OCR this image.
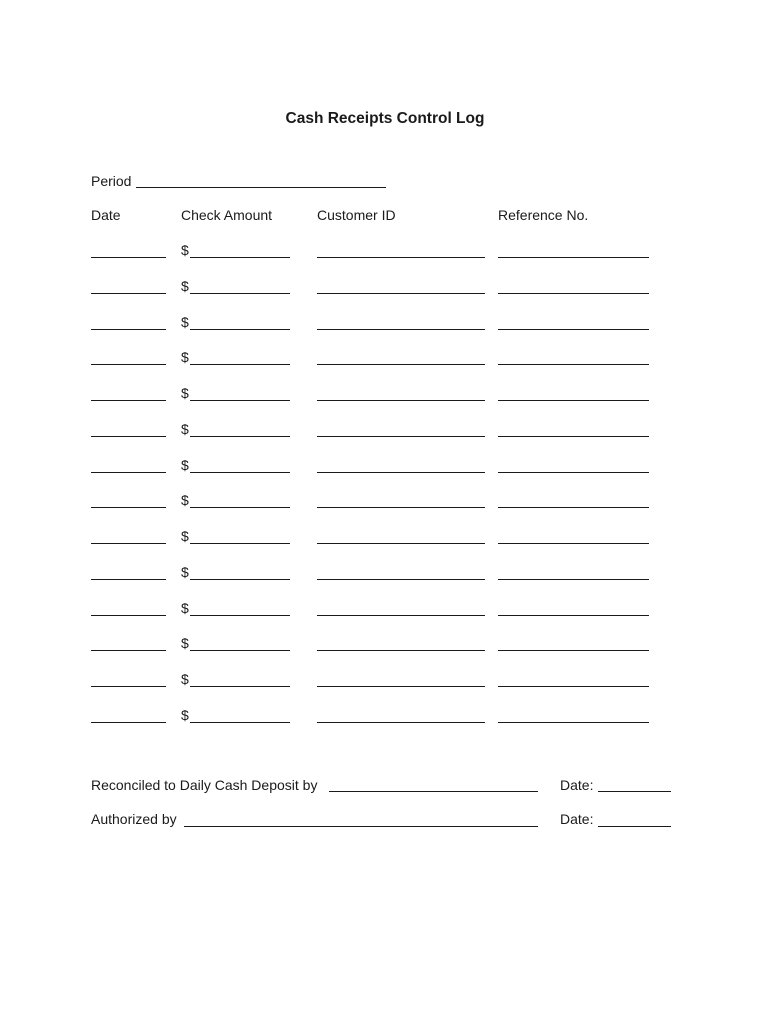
Cash Receipts Control Log
Period
Date	Check Amount	Customer ID	Reference No.
$
$
$
$
$
$
$
$
$
$
$
$
$
$
Reconciled to Daily Cash Deposit by	Date:
Authorized by	Date:
